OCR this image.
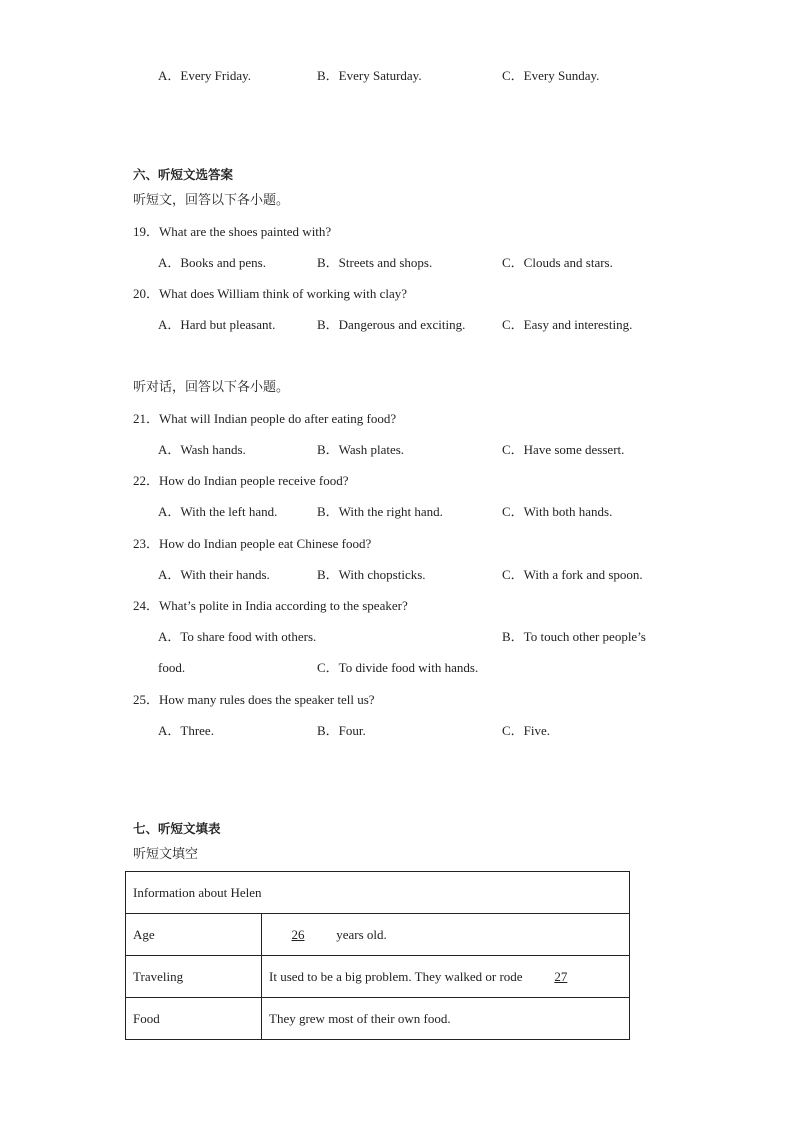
A．Every Friday.	B．Every Saturday.	C．Every Sunday.
六、听短文选答案
听短文，回答以下各小题。
19．What are the shoes painted with?
A．Books and pens.	B．Streets and shops.	C．Clouds and stars.
20．What does William think of working with clay?
A．Hard but pleasant.	B．Dangerous and exciting.	C．Easy and interesting.
听对话，回答以下各小题。
21．What will Indian people do after eating food?
A．Wash hands.	B．Wash plates.	C．Have some dessert.
22．How do Indian people receive food?
A．With the left hand.	B．With the right hand.	C．With both hands.
23．How do Indian people eat Chinese food?
A．With their hands.	B．With chopsticks.	C．With a fork and spoon.
24．What’s polite in India according to the speaker?
A．To share food with others.	B．To touch other people’s
food.	C．To divide food with hands.
25．How many rules does the speaker tell us?
A．Three.	B．Four.	C．Five.
七、听短文填表
听短文填空
Information about Helen	
Age	26 years old.
Traveling	It used to be a big problem. They walked or rode 27
Food	They grew most of their own food.
